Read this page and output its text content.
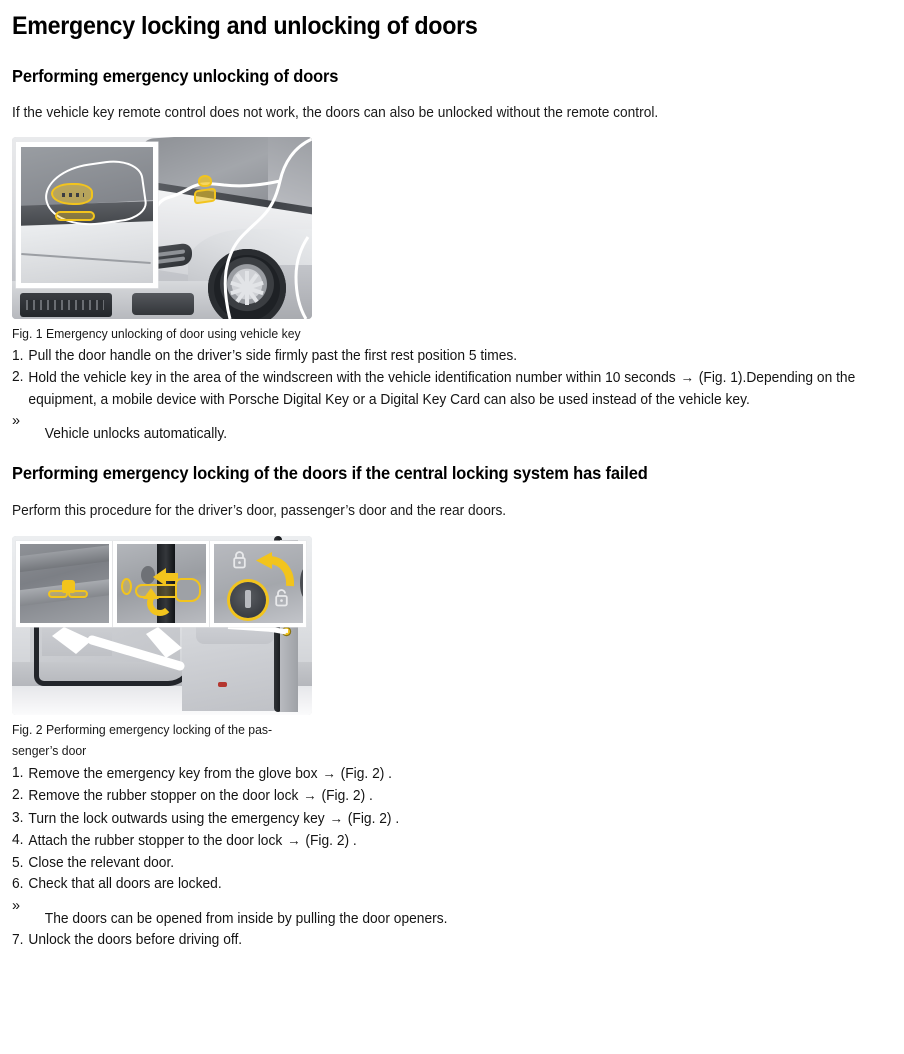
Emergency locking and unlocking of doors
Performing emergency unlocking of doors

If the vehicle key remote control does not work, the doors can also be unlocked without the remote control.

Fig. 1 Emergency unlocking of door using vehicle key
1. Pull the door handle on the driver’s side firmly past the first rest position 5 times.
2. Hold the vehicle key in the area of the windscreen with the vehicle identification number within 10 seconds → (Fig. 1).Depending on the equipment, a mobile device with Porsche Digital Key or a Digital Key Card can also be used instead of the vehicle key.
»
Vehicle unlocks automatically.
Performing emergency locking of the doors if the central locking system has failed

Perform this procedure for the driver’s door, passenger’s door and the rear doors.

Fig. 2 Performing emergency locking of the pas- senger’s door
1. Remove the emergency key from the glove box → (Fig. 2) .
2. Remove the rubber stopper on the door lock → (Fig. 2) .
3. Turn the lock outwards using the emergency key → (Fig. 2) .
4. Attach the rubber stopper to the door lock → (Fig. 2) .
5. Close the relevant door.
6. Check that all doors are locked.
»
The doors can be opened from inside by pulling the door openers.
7. Unlock the doors before driving off.
